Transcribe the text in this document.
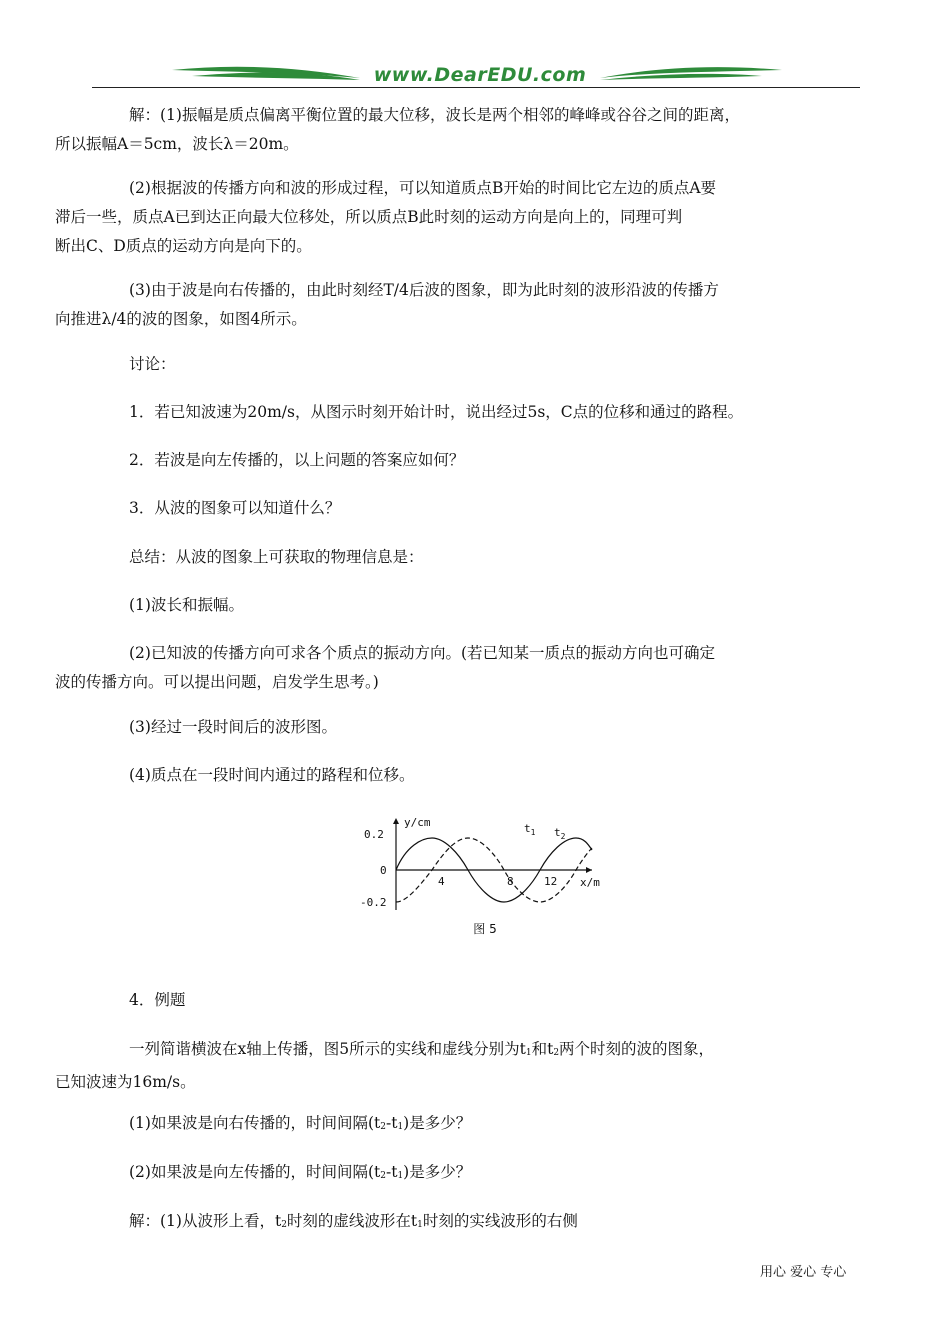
www.DearEDU.com

解：(1)振幅是质点偏离平衡位置的最大位移，波长是两个相邻的峰峰或谷谷之间的距离，
所以振幅A＝5cm，波长λ＝20m。

(2)根据波的传播方向和波的形成过程，可以知道质点B开始的时间比它左边的质点A要
滞后一些，质点A已到达正向最大位移处，所以质点B此时刻的运动方向是向上的，同理可判
断出C、D质点的运动方向是向下的。

(3)由于波是向右传播的，由此时刻经T/4后波的图象，即为此时刻的波形沿波的传播方
向推进λ/4的波的图象，如图4所示。

讨论：

1．若已知波速为20m/s，从图示时刻开始计时，说出经过5s，C点的位移和通过的路程。

2．若波是向左传播的，以上问题的答案应如何？

3．从波的图象可以知道什么？

总结：从波的图象上可获取的物理信息是：

(1)波长和振幅。

(2)已知波的传播方向可求各个质点的振动方向。(若已知某一质点的振动方向也可确定
波的传播方向。可以提出问题，启发学生思考。)

(3)经过一段时间后的波形图。

(4)质点在一段时间内通过的路程和位移。

0.2
0
-0.2
4	8	12
y/cm
x/m
$t_1$ $t_2$
图 5

4．例题

一列简谐横波在x轴上传播，图5所示的实线和虚线分别为$t_1$和$t_2$两个时刻的波的图象，
已知波速为16m/s。

(1)如果波是向右传播的，时间间隔$(t_2-t_1)$是多少？

(2)如果波是向左传播的，时间间隔$(t_2-t_1)$是多少？

解：(1)从波形上看，$t_2$时刻的虚线波形在$t_1$时刻的实线波形的右侧

用心 爱心 专心
